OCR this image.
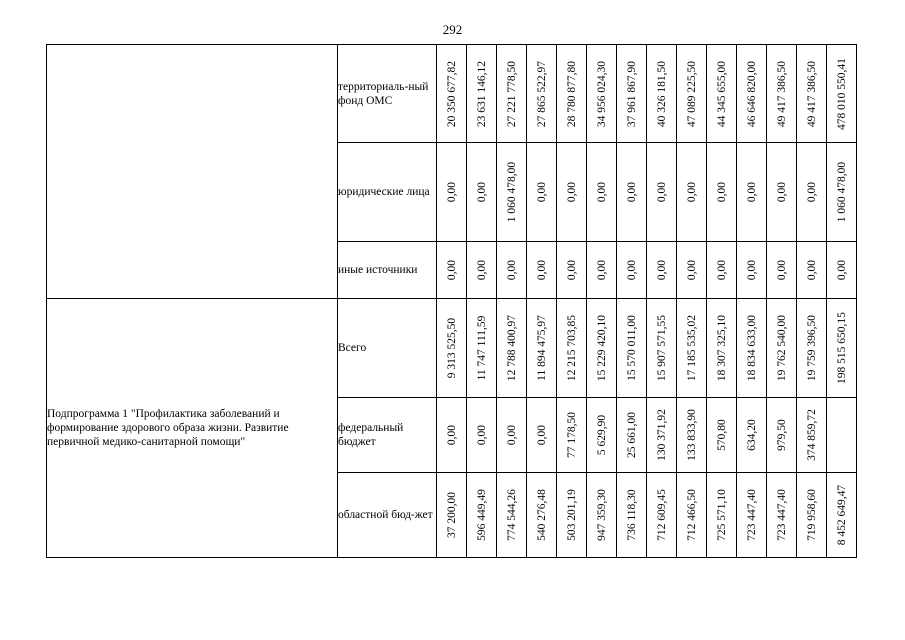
292
	территориаль-ный фонд ОМС	20 350 677,82	23 631 146,12	27 221 778,50	27 865 522,97	28 780 877,80	34 956 024,30	37 961 867,90	40 326 181,50	47 089 225,50	44 345 655,00	46 646 820,00	49 417 386,50	49 417 386,50	478 010 550,41

	юридические лица	0,00	0,00	1 060 478,00	0,00	0,00	0,00	0,00	0,00	0,00	0,00	0,00	0,00	0,00	1 060 478,00

	иные источники	0,00	0,00	0,00	0,00	0,00	0,00	0,00	0,00	0,00	0,00	0,00	0,00	0,00	0,00

Подпрограмма 1 "Профилактика заболеваний и формирование здорового образа жизни. Развитие первичной медико-санитарной помощи"	Всего	9 313 525,50	11 747 111,59	12 788 400,97	11 894 475,97	12 215 703,85	15 229 420,10	15 570 011,00	15 907 571,55	17 185 535,02	18 307 325,10	18 834 633,00	19 762 540,00	19 759 396,50	198 515 650,15

	федеральный бюджет	0,00	0,00	0,00	0,00	77 178,50	5 629,90	25 661,00	130 371,92	133 833,90	570,80	634,20	979,50	374 859,72	

	областной бюд-жет	37 200,00	596 449,49	774 544,26	540 276,48	503 201,19	947 359,30	736 118,30	712 609,45	712 466,50	725 571,10	723 447,40	723 447,40	719 958,60	8 452 649,47
